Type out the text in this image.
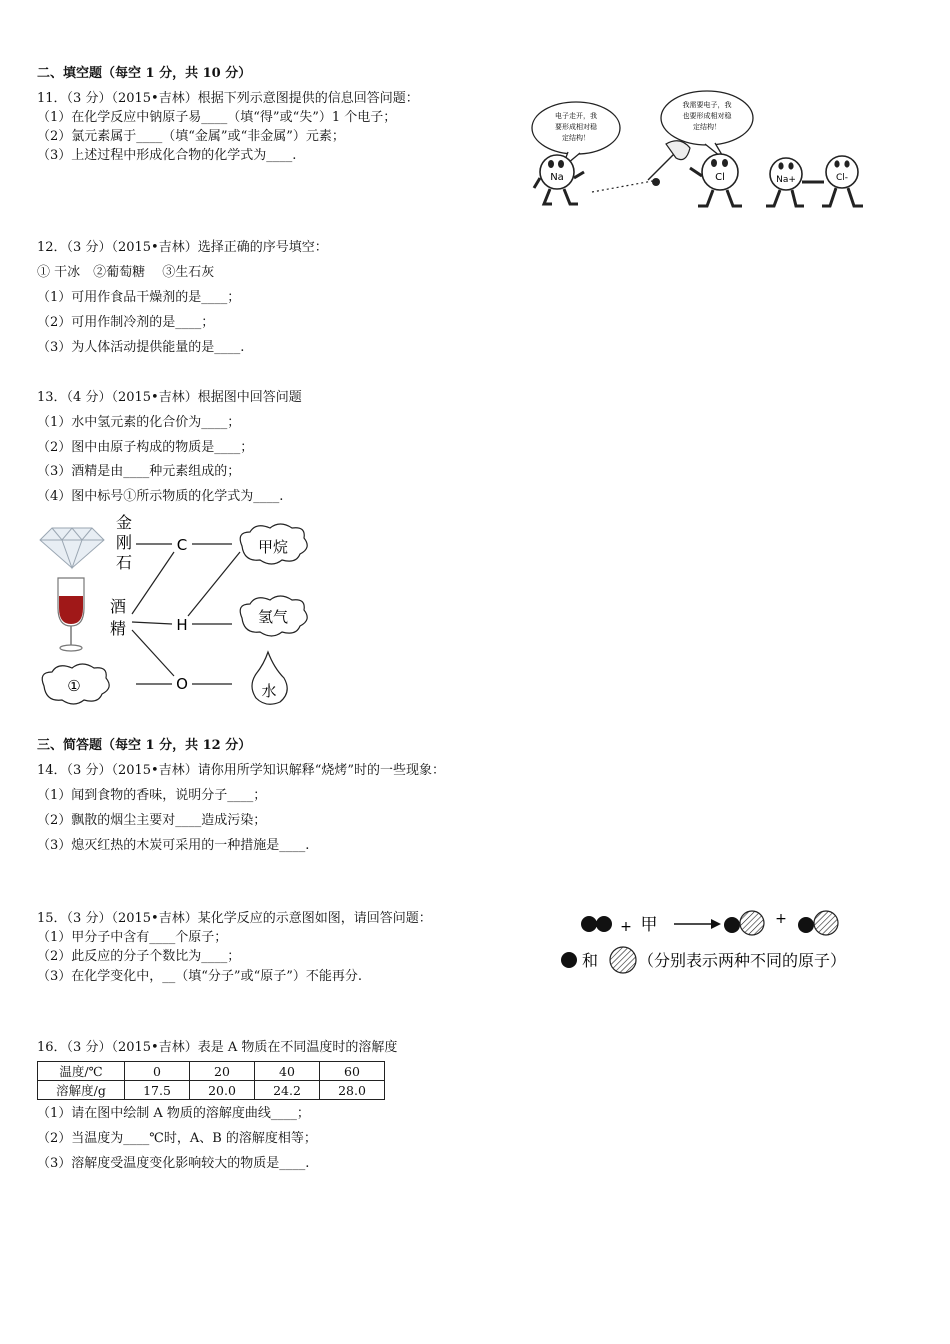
二、填空题（每空 1 分，共 10 分）
11．（3 分）（2015•吉林）根据下列示意图提供的信息回答问题：
（1）在化学反应中钠原子易____（填“得”或“失”）1 个电子；
（2）氯元素属于____（填“金属”或“非金属”）元素；
（3）上述过程中形成化合物的化学式为____.
电子走开，我
要形成相对稳
定结构！
我需要电子，我
也要形成相对稳
定结构！
Na	Cl	Na+	Cl-
12．（3 分）（2015•吉林）选择正确的序号填空：
① 干冰　②葡萄糖　 ③生石灰
（1）可用作食品干燥剂的是____；
（2）可用作制冷剂的是____；
（3）为人体活动提供能量的是____.
13．（4 分）（2015•吉林）根据图中回答问题
（1）水中氢元素的化合价为____；
（2）图中由原子构成的物质是____；
（3）酒精是由____种元素组成的；
（4）图中标号①所示物质的化学式为____.
金
刚
石
酒
精
C
H
O
甲烷
氢气
①	水
三、简答题（每空 1 分，共 12 分）
14．（3 分）（2015•吉林）请你用所学知识解释“烧烤”时的一些现象：
（1）闻到食物的香味，说明分子____；
（2）飘散的烟尘主要对____造成污染；
（3）熄灭红热的木炭可采用的一种措施是____.
15．（3 分）（2015•吉林）某化学反应的示意图如图，请回答问题：
（1）甲分子中含有____个原子；
（2）此反应的分子个数比为____；
（3）在化学变化中，__（填“分子”或“原子”）不能再分.
+ 甲	+
和 （分别表示两种不同的原子）
16．（3 分）（2015•吉林）表是 A 物质在不同温度时的溶解度
温度/℃	0	20	40	60
溶解度/g	17.5	20.0	24.2	28.0
（1）请在图中绘制 A 物质的溶解度曲线____；
（2）当温度为____℃时，A、B 的溶解度相等；
（3）溶解度受温度变化影响较大的物质是____.
